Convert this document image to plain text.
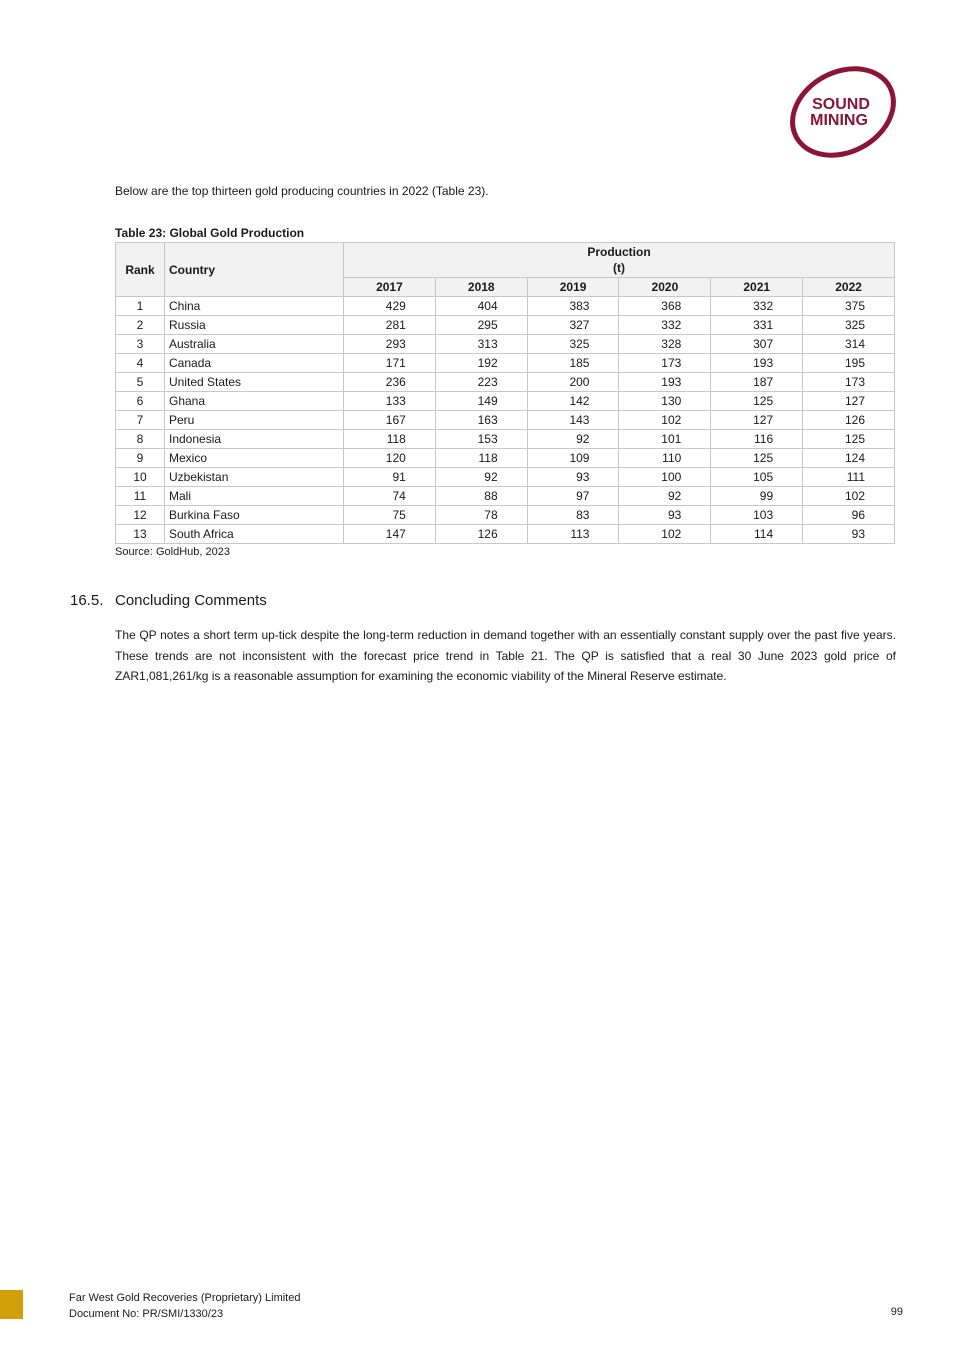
SOUND
MINING
Below are the top thirteen gold producing countries in 2022 (Table 23).
Table 23: Global Gold Production
Rank	Country	Production
(t)					

		2017	2018	2019	2020	2021	2022
1	China	429	404	383	368	332	375
2	Russia	281	295	327	332	331	325
3	Australia	293	313	325	328	307	314
4	Canada	171	192	185	173	193	195
5	United States	236	223	200	193	187	173
6	Ghana	133	149	142	130	125	127
7	Peru	167	163	143	102	127	126
8	Indonesia	118	153	92	101	116	125
9	Mexico	120	118	109	110	125	124
10	Uzbekistan	91	92	93	100	105	111
11	Mali	74	88	97	92	99	102
12	Burkina Faso	75	78	83	93	103	96
13	South Africa	147	126	113	102	114	93
Source: GoldHub, 2023
16.5. Concluding Comments

The QP notes a short term up-tick despite the long-term reduction in demand together with an essentially constant supply over the past five years. These trends are not inconsistent with the forecast price trend in Table 21. The QP is satisfied that a real 30 June 2023 gold price of ZAR1,081,261/kg is a reasonable assumption for examining the economic viability of the Mineral Reserve estimate.

Far West Gold Recoveries (Proprietary) Limited
Document No: PR/SMI/1330/23	99
